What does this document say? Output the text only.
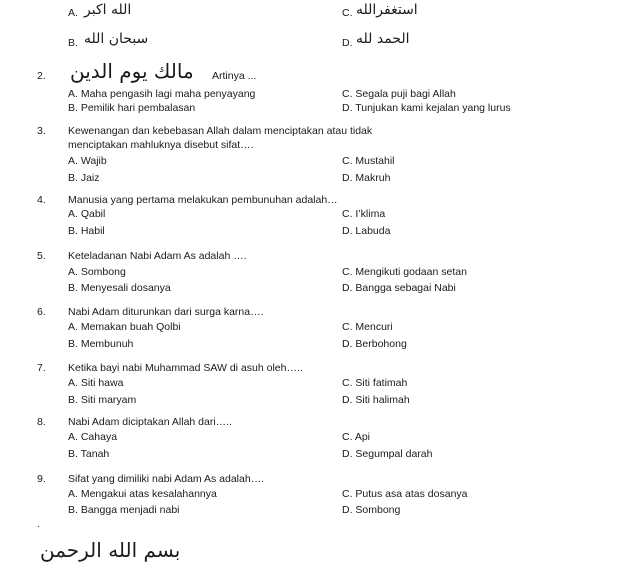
A. الله اكبر	C. استغفرالله
B. سبحان الله	D. الحمد لله
2. مالك يوم الدين Artinya ...
A. Maha pengasih lagi maha penyayang	C. Segala puji bagi Allah
B. Pemilik hari pembalasan	D. Tunjukan kami kejalan yang lurus
3. Kewenangan dan kebebasan Allah dalam menciptakan atau tidak
menciptakan mahluknya disebut sifat….
A. Wajib	C. Mustahil
B. Jaiz	D. Makruh
4. Manusia yang pertama melakukan pembunuhan adalah…
A. Qabil	C. I’klima
B. Habil	D. Labuda
5. Keteladanan Nabi Adam As adalah ….
A. Sombong	C. Mengikuti godaan setan
B. Menyesali dosanya	D. Bangga sebagai Nabi
6. Nabi Adam diturunkan dari surga karna….
A. Memakan buah Qolbi	C. Mencuri
B. Membunuh	D. Berbohong
7. Ketika bayi nabi Muhammad SAW di asuh oleh…..
A. Siti hawa	C. Siti fatimah
B. Siti maryam	D. Siti halimah
8. Nabi Adam diciptakan Allah dari…..
A. Cahaya	C. Api
B. Tanah	D. Segumpal darah
9. Sifat yang dimiliki nabi Adam As adalah….
A. Mengakui atas kesalahannya	C. Putus asa atas dosanya
B. Bangga menjadi nabi	D. Sombong
.
بسم الله الرحمن
